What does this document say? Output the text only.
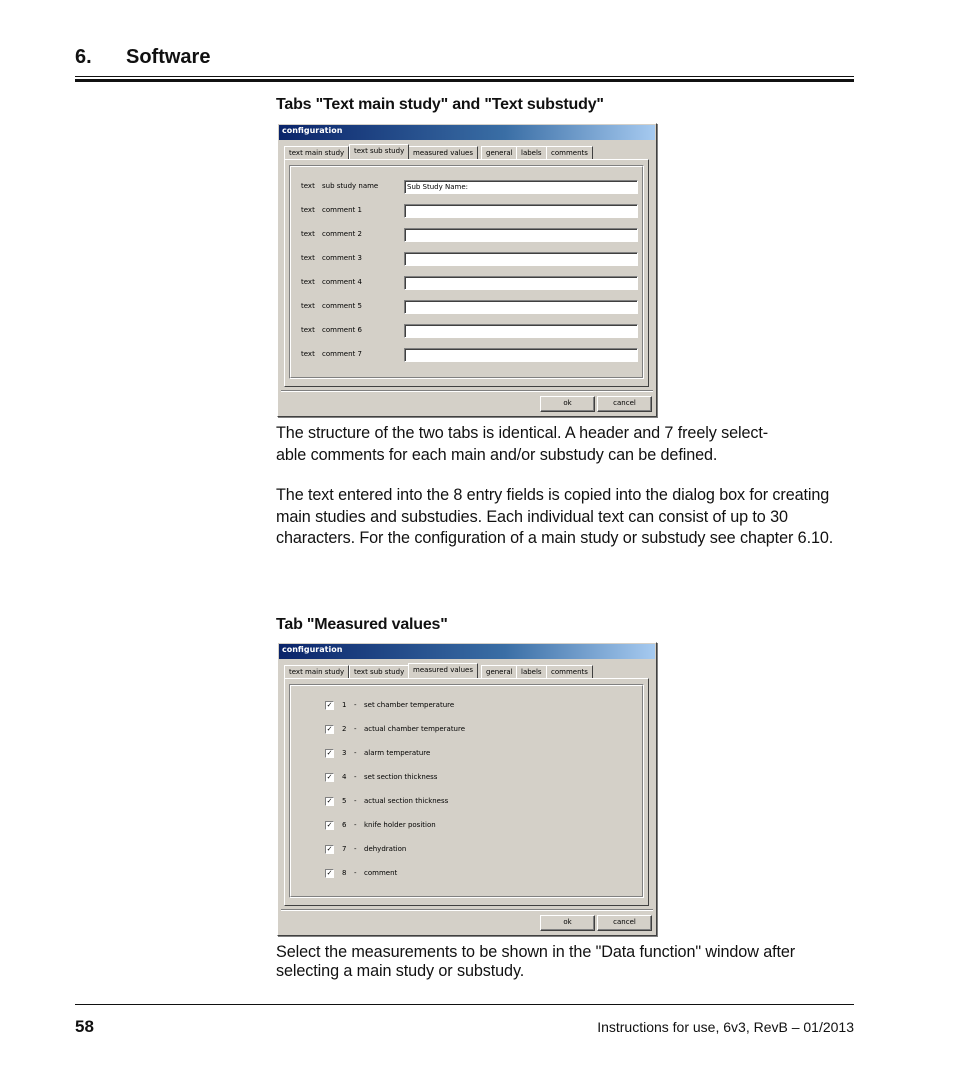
6. Software
Tabs "Text main study" and "Text substudy"
configuration
text main study	text sub study	measured values	general	labels	comments
text sub study name	Sub Study Name:
text comment 1
text comment 2
text comment 3
text comment 4
text comment 5
text comment 6
text comment 7
ok	cancel
The structure of the two tabs is identical. A header and 7 freely select-
able comments for each main and/or substudy can be defined.
The text entered into the 8 entry fields is copied into the dialog box for creating main studies and substudies. Each individual text can consist of up to 30 characters. For the configuration of a main study or substudy see chapter 6.10.
Tab "Measured values"
configuration
text main study	text sub study	measured values	general	labels	comments
✓ 1 - set chamber temperature
✓ 2 - actual chamber temperature
✓ 3 - alarm temperature
✓ 4 - set section thickness
✓ 5 - actual section thickness
✓ 6 - knife holder position
✓ 7 - dehydration
✓ 8 - comment
ok	cancel
Select the measurements to be shown in the "Data function" window after
selecting a main study or substudy.
58	Instructions for use, 6v3, RevB – 01/2013
